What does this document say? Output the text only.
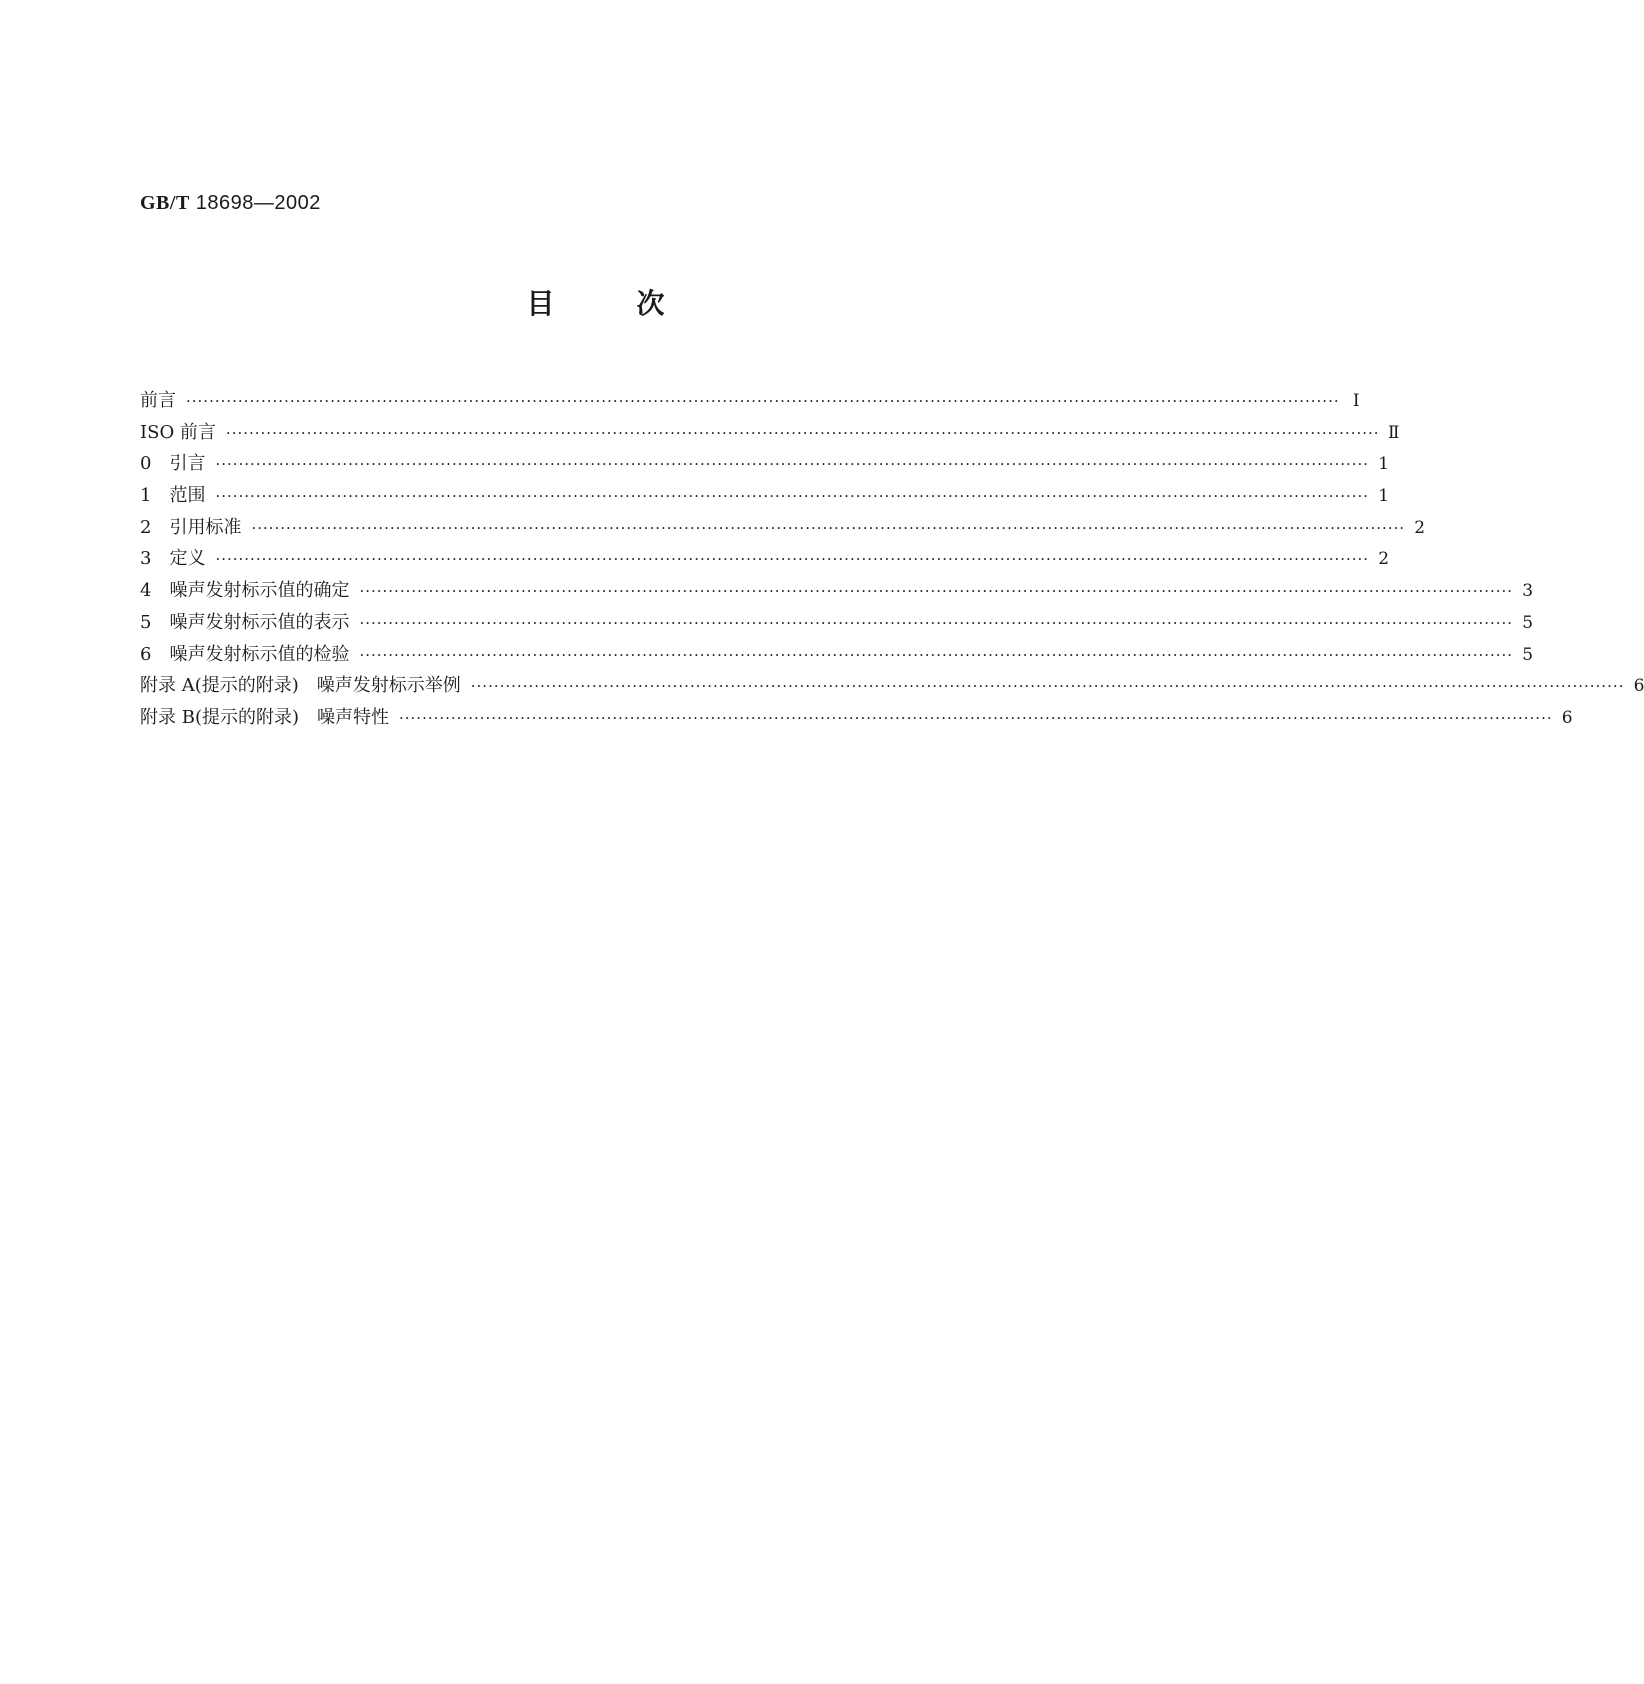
GB/T 18698—2002
目次
前言 ········································································································································································································ Ⅰ
ISO 前言 ········································································································································································································ Ⅱ
0　引言 ········································································································································································································ 1
1　范围 ········································································································································································································ 1
2　引用标准 ········································································································································································································ 2
3　定义 ········································································································································································································ 2
4　噪声发射标示值的确定 ········································································································································································································ 3
5　噪声发射标示值的表示 ········································································································································································································ 5
6　噪声发射标示值的检验 ········································································································································································································ 5
附录 A(提示的附录)　噪声发射标示举例 ········································································································································································································ 6
附录 B(提示的附录)　噪声特性 ········································································································································································································ 6
